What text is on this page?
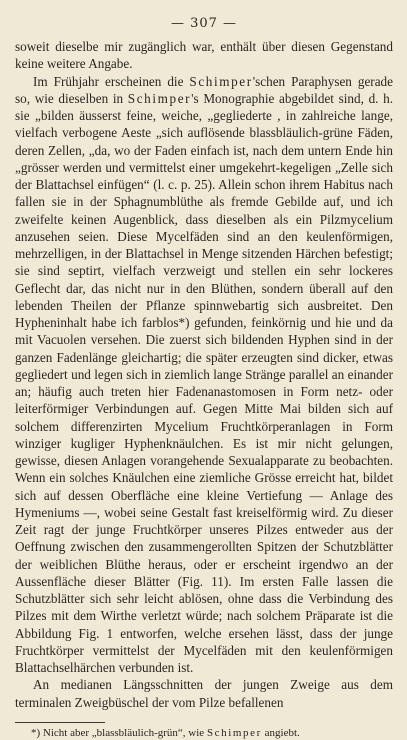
— 307 —

soweit dieselbe mir zugänglich war, enthält über diesen Gegenstand keine weitere Angabe.

Im Frühjahr erscheinen die Schimper'schen Paraphysen gerade so, wie dieselben in Schimper's Monographie abgebildet sind, d. h. sie „bilden äusserst feine, weiche, „gegliederte , in zahlreiche lange, vielfach verbogene Aeste „sich auflösende blassbläulich-grüne Fäden, deren Zellen, „da, wo der Faden einfach ist, nach dem untern Ende hin „grösser werden und vermittelst einer umgekehrt-kegeligen „Zelle sich der Blattachsel einfügen“ (l. c. p. 25). Allein schon ihrem Habitus nach fallen sie in der Sphagnumblüthe als fremde Gebilde auf, und ich zweifelte keinen Augenblick, dass dieselben als ein Pilzmycelium anzusehen seien. Diese Mycelfäden sind an den keulenförmigen, mehrzelligen, in der Blattachsel in Menge sitzenden Härchen befestigt; sie sind septirt, vielfach verzweigt und stellen ein sehr lockeres Geflecht dar, das nicht nur in den Blüthen, sondern überall auf den lebenden Theilen der Pflanze spinnwebartig sich ausbreitet. Den Hypheninhalt habe ich farblos*) gefunden, feinkörnig und hie und da mit Vacuolen versehen. Die zuerst sich bildenden Hyphen sind in der ganzen Fadenlänge gleichartig; die später erzeugten sind dicker, etwas gegliedert und legen sich in ziemlich lange Stränge parallel an einander an; häufig auch treten hier Fadenanastomosen in Form netz- oder leiterförmiger Verbindungen auf. Gegen Mitte Mai bilden sich auf solchem differenzirten Mycelium Fruchtkörperanlagen in Form winziger kugliger Hyphenknäulchen. Es ist mir nicht gelungen, gewisse, diesen Anlagen vorangehende Sexualapparate zu beobachten. Wenn ein solches Knäulchen eine ziemliche Grösse erreicht hat, bildet sich auf dessen Oberfläche eine kleine Vertiefung — Anlage des Hymeniums —, wobei seine Gestalt fast kreiselförmig wird. Zu dieser Zeit ragt der junge Fruchtkörper unseres Pilzes entweder aus der Oeffnung zwischen den zusammengerollten Spitzen der Schutzblätter der weiblichen Blüthe heraus, oder er erscheint irgendwo an der Aussenfläche dieser Blätter (Fig. 11). Im ersten Falle lassen die Schutzblätter sich sehr leicht ablösen, ohne dass die Verbindung des Pilzes mit dem Wirthe verletzt würde; nach solchem Präparate ist die Abbildung Fig. 1 entworfen, welche ersehen lässt, dass der junge Fruchtkörper vermittelst der Mycelfäden mit den keulenförmigen Blattachselhärchen verbunden ist.

An medianen Längsschnitten der jungen Zweige aus dem terminalen Zweigbüschel der vom Pilze befallenen

*) Nicht aber „blassbläulich-grün“, wie Schimper angiebt.
